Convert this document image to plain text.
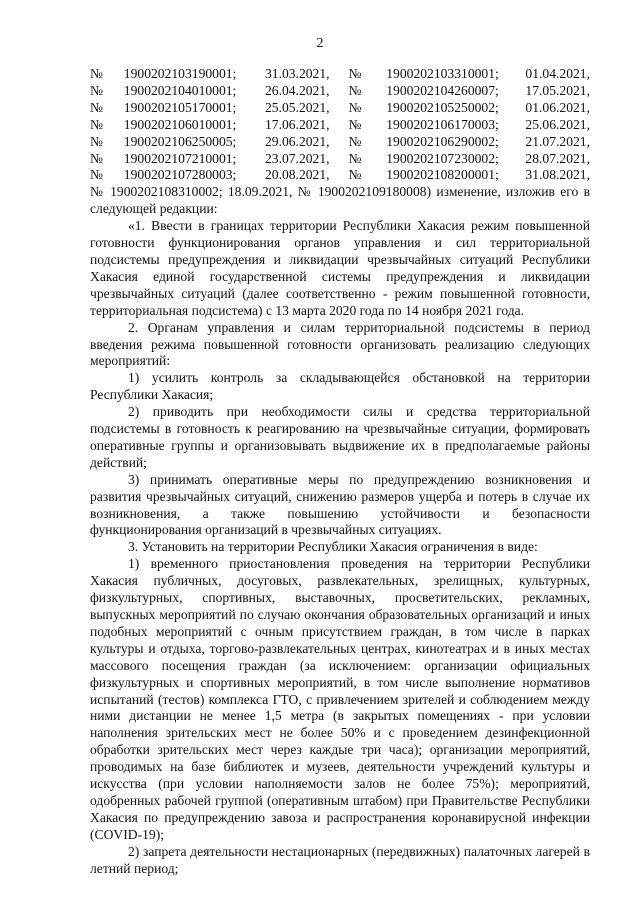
2
№	1900202103190001;	31.03.2021,	№	1900202103310001;	01.04.2021,
№	1900202104010001;	26.04.2021,	№	1900202104260007;	17.05.2021,
№	1900202105170001;	25.05.2021,	№	1900202105250002;	01.06.2021,
№	1900202106010001;	17.06.2021,	№	1900202106170003;	25.06.2021,
№	1900202106250005;	29.06.2021,	№	1900202106290002;	21.07.2021,
№	1900202107210001;	23.07.2021,	№	1900202107230002;	28.07.2021,
№	1900202107280003;	20.08.2021,	№	1900202108200001;	31.08.2021,

№ 1900202108310002; 18.09.2021, № 1900202109180008) изменение, изложив его в следующей редакции:

«1. Ввести в границах территории Республики Хакасия режим повышенной готовности функционирования органов управления и сил территориальной подсистемы предупреждения и ликвидации чрезвычайных ситуаций Республики Хакасия единой государственной системы предупреждения и ликвидации чрезвычайных ситуаций (далее соответственно - режим повышенной готовности, территориальная подсистема) с 13 марта 2020 года по 14 ноября 2021 года.

2. Органам управления и силам территориальной подсистемы в период введения режима повышенной готовности организовать реализацию следующих мероприятий:

1) усилить контроль за складывающейся обстановкой на территории Республики Хакасия;

2) приводить при необходимости силы и средства территориальной подсистемы в готовность к реагированию на чрезвычайные ситуации, формировать оперативные группы и организовывать выдвижение их в предполагаемые районы действий;

3) принимать оперативные меры по предупреждению возникновения и развития чрезвычайных ситуаций, снижению размеров ущерба и потерь в случае их возникновения, а также повышению устойчивости и безопасности функционирования организаций в чрезвычайных ситуациях.

3. Установить на территории Республики Хакасия ограничения в виде:

1) временного приостановления проведения на территории Республики Хакасия публичных, досуговых, развлекательных, зрелищных, культурных, физкультурных, спортивных, выставочных, просветительских, рекламных, выпускных мероприятий по случаю окончания образовательных организаций и иных подобных мероприятий с очным присутствием граждан, в том числе в парках культуры и отдыха, торгово-развлекательных центрах, кинотеатрах и в иных местах массового посещения граждан (за исключением: организации официальных физкультурных и спортивных мероприятий, в том числе выполнение нормативов испытаний (тестов) комплекса ГТО, с привлечением зрителей и соблюдением между ними дистанции не менее 1,5 метра (в закрытых помещениях - при условии наполнения зрительских мест не более 50% и с проведением дезинфекционной обработки зрительских мест через каждые три часа); организации мероприятий, проводимых на базе библиотек и музеев, деятельности учреждений культуры и искусства (при условии наполняемости залов не более 75%); мероприятий, одобренных рабочей группой (оперативным штабом) при Правительстве Республики Хакасия по предупреждению завоза и распространения коронавирусной инфекции (COVID-19);

2) запрета деятельности нестационарных (передвижных) палаточных лагерей в летний период;
